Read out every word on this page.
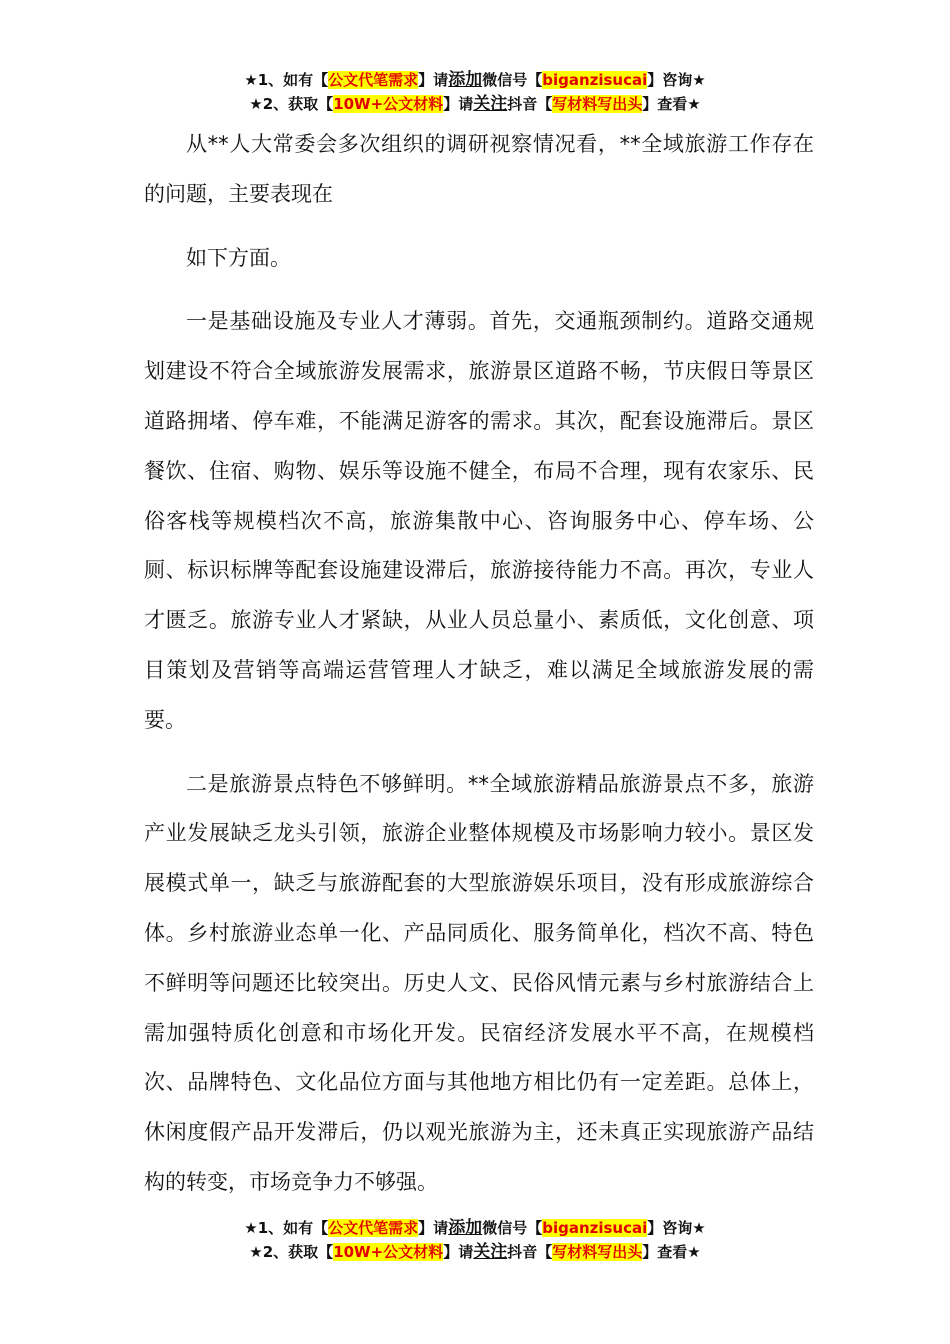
★1、如有【公文代笔需求】请添加微信号【biganzisucai】咨询★
★2、获取【10W+公文材料】请关注抖音【写材料写出头】查看★

从**人大常委会多次组织的调研视察情况看，**全域旅游工作存在的问题，主要表现在

如下方面。

一是基础设施及专业人才薄弱。首先，交通瓶颈制约。道路交通规划建设不符合全域旅游发展需求，旅游景区道路不畅，节庆假日等景区道路拥堵、停车难，不能满足游客的需求。其次，配套设施滞后。景区餐饮、住宿、购物、娱乐等设施不健全，布局不合理，现有农家乐、民俗客栈等规模档次不高，旅游集散中心、咨询服务中心、停车场、公厕、标识标牌等配套设施建设滞后，旅游接待能力不高。再次，专业人才匮乏。旅游专业人才紧缺，从业人员总量小、素质低，文化创意、项目策划及营销等高端运营管理人才缺乏，难以满足全域旅游发展的需要。

二是旅游景点特色不够鲜明。**全域旅游精品旅游景点不多，旅游产业发展缺乏龙头引领，旅游企业整体规模及市场影响力较小。景区发展模式单一，缺乏与旅游配套的大型旅游娱乐项目，没有形成旅游综合体。乡村旅游业态单一化、产品同质化、服务简单化，档次不高、特色不鲜明等问题还比较突出。历史人文、民俗风情元素与乡村旅游结合上需加强特质化创意和市场化开发。民宿经济发展水平不高，在规模档次、品牌特色、文化品位方面与其他地方相比仍有一定差距。总体上，休闲度假产品开发滞后，仍以观光旅游为主，还未真正实现旅游产品结构的转变，市场竞争力不够强。

★1、如有【公文代笔需求】请添加微信号【biganzisucai】咨询★
★2、获取【10W+公文材料】请关注抖音【写材料写出头】查看★
